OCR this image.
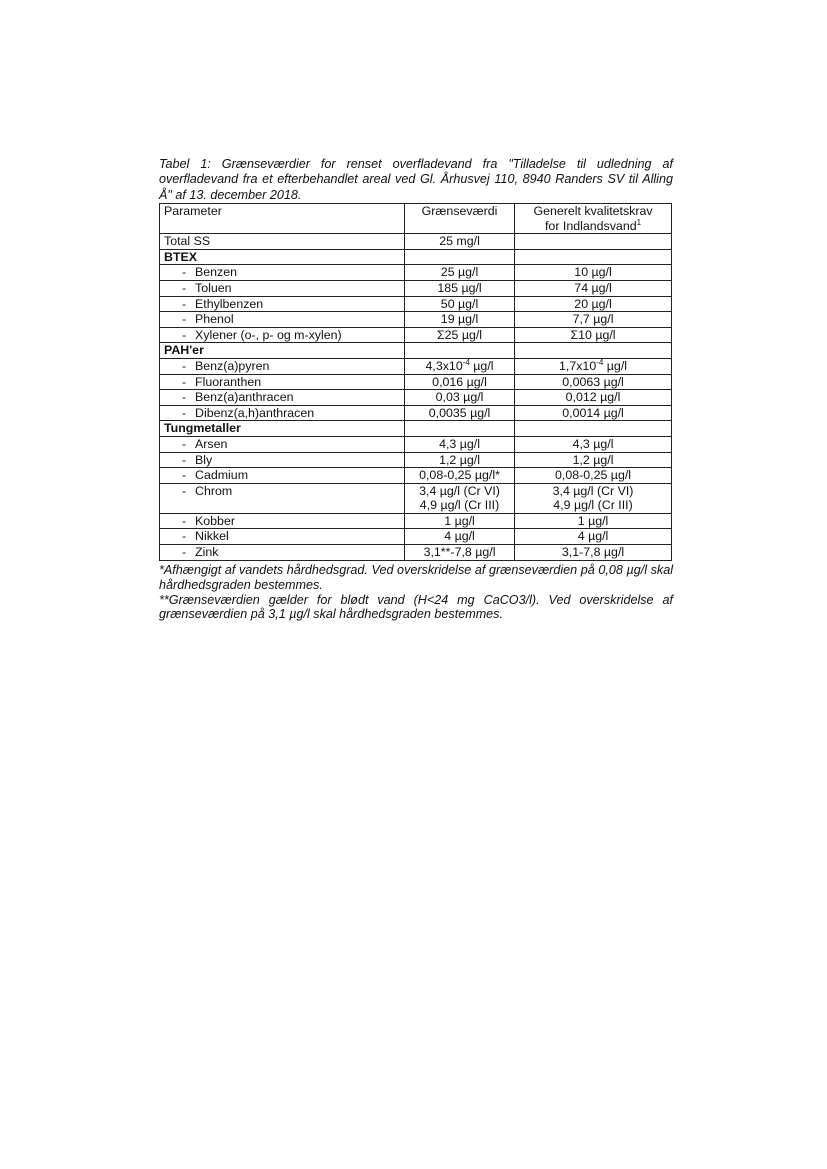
Tabel 1: Grænseværdier for renset overfladevand fra "Tilladelse til udledning af overfladevand fra et efterbehandlet areal ved Gl. Århusvej 110, 8940 Randers SV til Alling Å" af 13. december 2018.

Parameter	Grænseværdi	Generelt kvalitetskrav
for Indlandsvand$^1$
Total SS	25 mg/l	
BTEX		

- Benzen	25 µg/l	10 µg/l

- Toluen	185 µg/l	74 µg/l

- Ethylbenzen	50 µg/l	20 µg/l

- Phenol	19 µg/l	7,7 µg/l

- Xylener (o-, p- og m-xylen)	Σ25 µg/l	Σ10 µg/l
PAH'er		

- Benz(a)pyren	$4,3x10^{-4}$ µg/l	$1,7x10^{-4}$ µg/l

- Fluoranthen	0,016 µg/l	0,0063 µg/l

- Benz(a)anthracen	0,03 µg/l	0,012 µg/l

- Dibenz(a,h)anthracen	0,0035 µg/l	0,0014 µg/l
Tungmetaller		

- Arsen	4,3 µg/l	4,3 µg/l

- Bly	1,2 µg/l	1,2 µg/l

- Cadmium	0,08-0,25 µg/l*	0,08-0,25 µg/l

- Chrom	3,4 µg/l (Cr VI)
4,9 µg/l (Cr III)	3,4 µg/l (Cr VI)
4,9 µg/l (Cr III)

- Kobber	1 µg/l	1 µg/l

- Nikkel	4 µg/l	4 µg/l

- Zink	3,1**-7,8 µg/l	3,1-7,8 µg/l

*Afhængigt af vandets hårdhedsgrad. Ved overskridelse af grænseværdien på 0,08 µg/l skal hårdhedsgraden bestemmes.

**Grænseværdien gælder for blødt vand (H<24 mg CaCO3/l). Ved overskridelse af grænseværdien på 3,1 µg/l skal hårdhedsgraden bestemmes.
